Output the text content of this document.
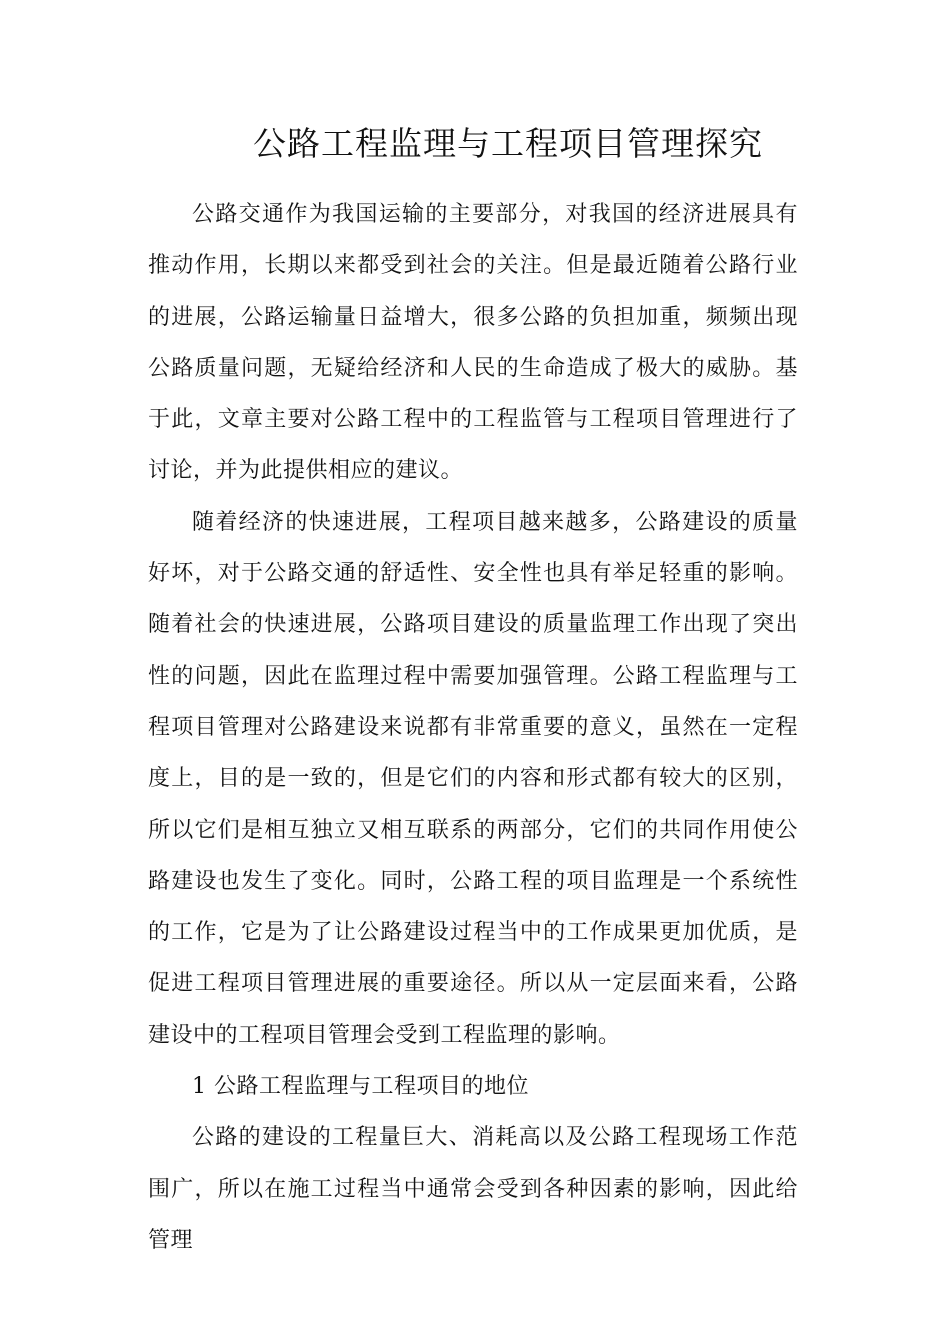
公路工程监理与工程项目管理探究

公路交通作为我国运输的主要部分，对我国的经济进展具有推动作用，长期以来都受到社会的关注。但是最近随着公路行业的进展，公路运输量日益增大，很多公路的负担加重，频频出现公路质量问题，无疑给经济和人民的生命造成了极大的威胁。基于此，文章主要对公路工程中的工程监管与工程项目管理进行了讨论，并为此提供相应的建议。

随着经济的快速进展，工程项目越来越多，公路建设的质量好坏，对于公路交通的舒适性、安全性也具有举足轻重的影响。随着社会的快速进展，公路项目建设的质量监理工作出现了突出性的问题，因此在监理过程中需要加强管理。公路工程监理与工程项目管理对公路建设来说都有非常重要的意义，虽然在一定程度上，目的是一致的，但是它们的内容和形式都有较大的区别，所以它们是相互独立又相互联系的两部分，它们的共同作用使公路建设也发生了变化。同时，公路工程的项目监理是一个系统性的工作，它是为了让公路建设过程当中的工作成果更加优质，是促进工程项目管理进展的重要途径。所以从一定层面来看，公路建设中的工程项目管理会受到工程监理的影响。

1 公路工程监理与工程项目的地位

公路的建设的工程量巨大、消耗高以及公路工程现场工作范围广，所以在施工过程当中通常会受到各种因素的影响，因此给管理
